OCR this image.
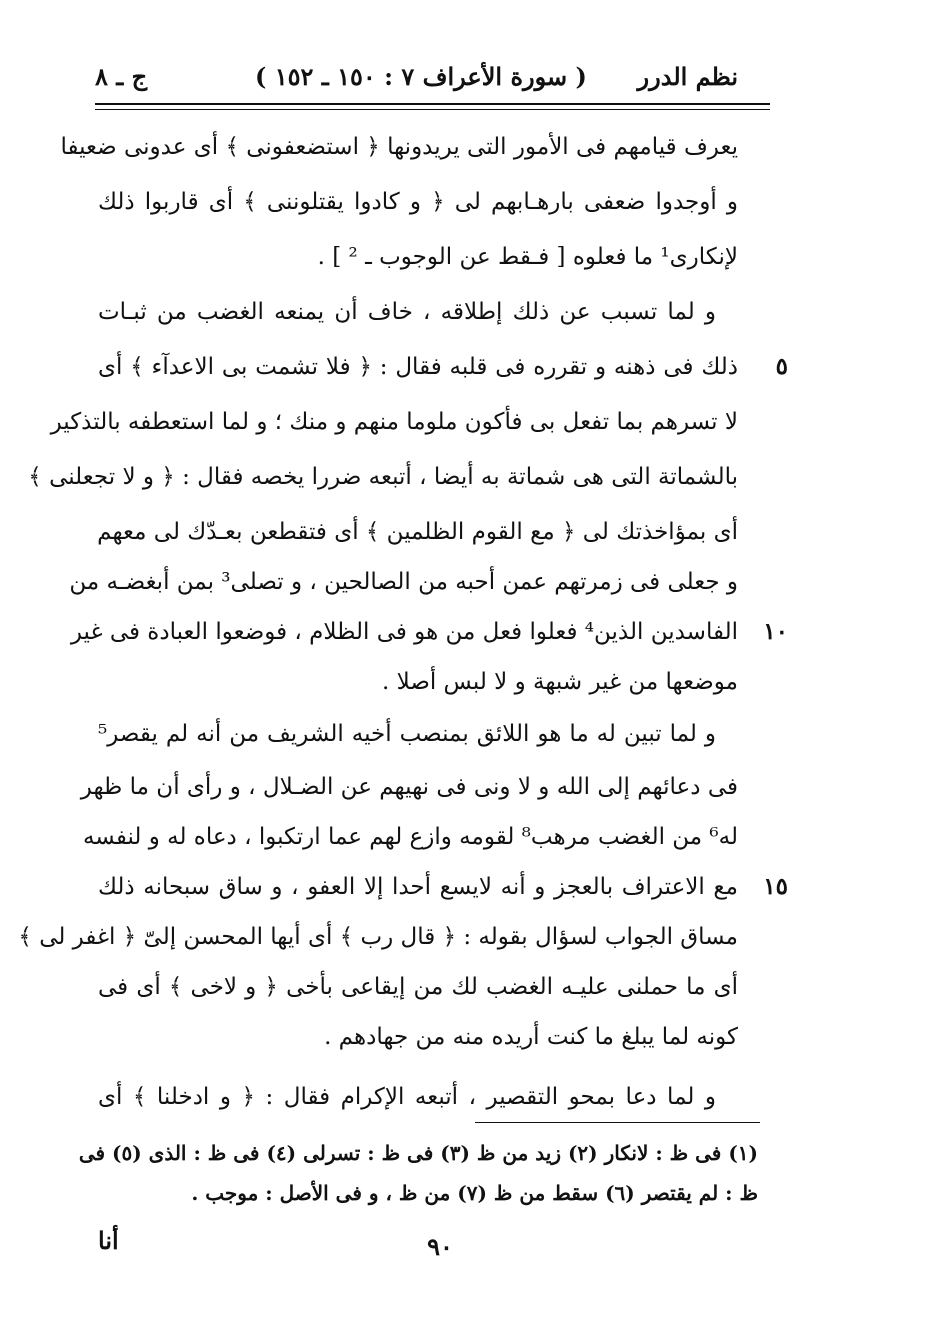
نظم الدرر
( سورة الأعراف ٧ : ١٥٠ ـ ١٥٢ )
ج ـ ٨
يعرف قيامهم فى الأمور التى يريدونها ﴿ استضعفونى ﴾ أى عدونى ضعيفا
و أوجدوا ضعفى بارهـابهم لى ﴿ و كادوا يقتلوننى ﴾ أى قاربوا ذلك
لإنكارى¹ ما فعلوه [ فـقط عن الوجوب ـ ² ] .
و لما تسبب عن ذلك إطلاقه ، خاف أن يمنعه الغضب من ثبـات
ذلك فى ذهنه و تقرره فى قلبه فقال : ﴿ فلا تشمت بى الاعدآء ﴾ أى
لا تسرهم بما تفعل بى فأكون ملوما منهم و منك ؛ و لما استعطفه بالتذكير
بالشماتة التى هى شماتة به أيضا ، أتبعه ضررا يخصه فقال : ﴿ و لا تجعلنى ﴾
أى بمؤاخذتك لى ﴿ مع القوم الظلمين ﴾ أى فتقطعن بعـدّك لى معهم
و جعلى فى زمرتهم عمن أحبه من الصالحين ، و تصلى³ بمن أبغضـه من
الفاسدين الذين⁴ فعلوا فعل من هو فى الظلام ، فوضعوا العبادة فى غير
موضعها من غير شبهة و لا لبس أصلا .
و لما تبين له ما هو اللائق بمنصب أخيه الشريف من أنه لم يقصر⁵
فى دعائهم إلى الله و لا ونى فى نهيهم عن الضـلال ، و رأى أن ما ظهر
له⁶ من الغضب مرهب⁸ لقومه وازع لهم عما ارتكبوا ، دعاه له و لنفسه
مع الاعتراف بالعجز و أنه لايسع أحدا إلا العفو ، و ساق سبحانه ذلك
مساق الجواب لسؤال بقوله : ﴿ قال رب ﴾ أى أيها المحسن إلىّ ﴿ اغفر لى ﴾
أى ما حملنى عليـه الغضب لك من إيقاعى بأخى ﴿ و لاخى ﴾ أى فى
كونه لما يبلغ ما كنت أريده منه من جهادهم .
و لما دعا بمحو التقصير ، أتبعه الإكرام فقال : ﴿ و ادخلنا ﴾ أى
٥
١٠
١٥
(١) فى ظ : لانكار (٢) زيد من ظ (٣) فى ظ : تسرلى (٤) فى ظ : الذى (٥) فى
ظ : لم يقتصر (٦) سقط من ظ (٧) من ظ ، و فى الأصل : موجب .
٩٠
أنا
